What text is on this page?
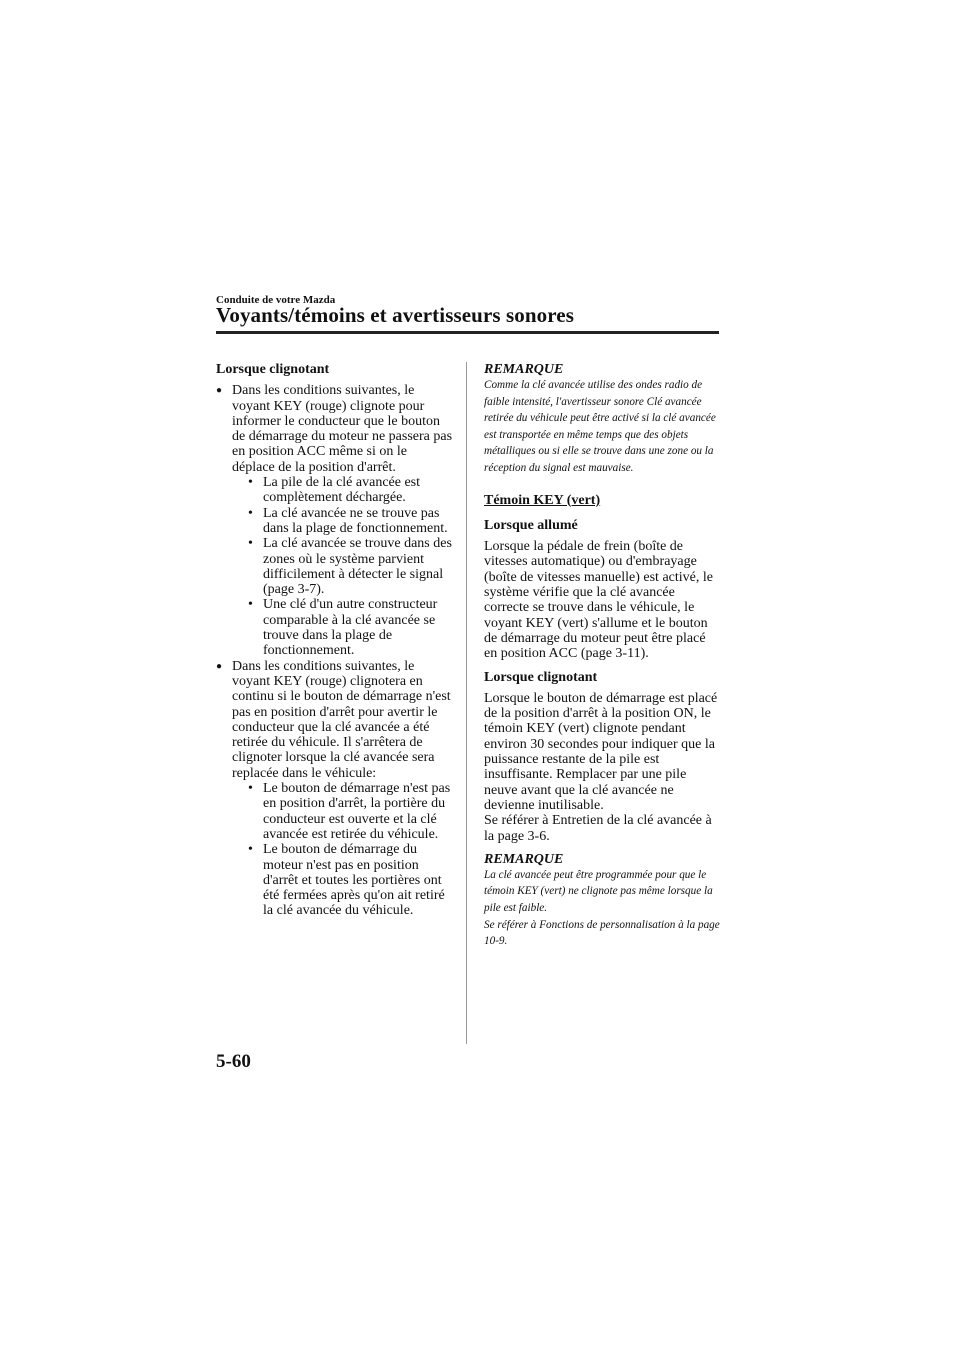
Conduite de votre Mazda
Voyants/témoins et avertisseurs sonores
Lorsque clignotant
● Dans les conditions suivantes, le voyant KEY (rouge) clignote pour informer le conducteur que le bouton de démarrage du moteur ne passera pas en position ACC même si on le déplace de la position d'arrêt.
• La pile de la clé avancée est complètement déchargée.
• La clé avancée ne se trouve pas dans la plage de fonctionnement.
• La clé avancée se trouve dans des zones où le système parvient difficilement à détecter le signal (page 3-7).
• Une clé d'un autre constructeur comparable à la clé avancée se trouve dans la plage de fonctionnement.
● Dans les conditions suivantes, le voyant KEY (rouge) clignotera en continu si le bouton de démarrage n'est pas en position d'arrêt pour avertir le conducteur que la clé avancée a été retirée du véhicule. Il s'arrêtera de clignoter lorsque la clé avancée sera replacée dans le véhicule:
• Le bouton de démarrage n'est pas en position d'arrêt, la portière du conducteur est ouverte et la clé avancée est retirée du véhicule.
• Le bouton de démarrage du moteur n'est pas en position d'arrêt et toutes les portières ont été fermées après qu'on ait retiré la clé avancée du véhicule.
REMARQUE
Comme la clé avancée utilise des ondes radio de faible intensité, l'avertisseur sonore Clé avancée retirée du véhicule peut être activé si la clé avancée est transportée en même temps que des objets métalliques ou si elle se trouve dans une zone ou la réception du signal est mauvaise.
Témoin KEY (vert)
Lorsque allumé
Lorsque la pédale de frein (boîte de vitesses automatique) ou d'embrayage (boîte de vitesses manuelle) est activé, le système vérifie que la clé avancée correcte se trouve dans le véhicule, le voyant KEY (vert) s'allume et le bouton de démarrage du moteur peut être placé en position ACC (page 3-11).
Lorsque clignotant
Lorsque le bouton de démarrage est placé de la position d'arrêt à la position ON, le témoin KEY (vert) clignote pendant environ 30 secondes pour indiquer que la puissance restante de la pile est insuffisante. Remplacer par une pile neuve avant que la clé avancée ne devienne inutilisable.
Se référer à Entretien de la clé avancée à la page 3-6.
REMARQUE
La clé avancée peut être programmée pour que le témoin KEY (vert) ne clignote pas même lorsque la pile est faible.
Se référer à Fonctions de personnalisation à la page 10-9.
5-60
